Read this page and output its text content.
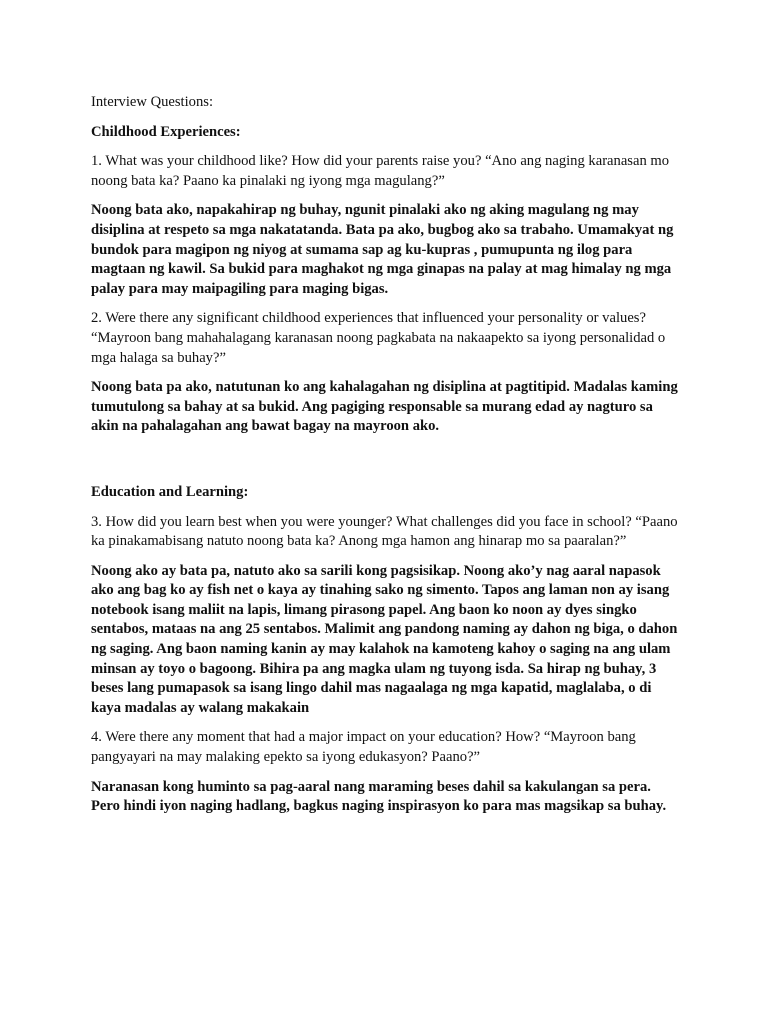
Interview Questions:

Childhood Experiences:

1. What was your childhood like? How did your parents raise you? “Ano ang naging karanasan mo noong bata ka? Paano ka pinalaki ng iyong mga magulang?”

Noong bata ako, napakahirap ng buhay, ngunit pinalaki ako ng aking magulang ng may disiplina at respeto sa mga nakatatanda. Bata pa ako, bugbog ako sa trabaho. Umamakyat ng bundok para magipon ng niyog at sumama sap ag ku-kupras , pumupunta ng ilog para magtaan ng kawil. Sa bukid para maghakot ng mga ginapas na palay at mag himalay ng mga palay para may maipagiling para maging bigas.

2. Were there any significant childhood experiences that influenced your personality or values? “Mayroon bang mahahalagang karanasan noong pagkabata na nakaapekto sa iyong personalidad o mga halaga sa buhay?”

Noong bata pa ako, natutunan ko ang kahalagahan ng disiplina at pagtitipid. Madalas kaming tumutulong sa bahay at sa bukid. Ang pagiging responsable sa murang edad ay nagturo sa akin na pahalagahan ang bawat bagay na mayroon ako.

Education and Learning:

3. How did you learn best when you were younger? What challenges did you face in school? “Paano ka pinakamabisang natuto noong bata ka? Anong mga hamon ang hinarap mo sa paaralan?”

Noong ako ay bata pa, natuto ako sa sarili kong pagsisikap. Noong ako’y nag aaral napasok ako ang bag ko ay fish net o kaya ay tinahing sako ng simento. Tapos ang laman non ay isang notebook isang maliit na lapis, limang pirasong papel. Ang baon ko noon ay dyes singko sentabos, mataas na ang 25 sentabos. Malimit ang pandong naming ay dahon ng biga, o dahon ng saging. Ang baon naming kanin ay may kalahok na kamoteng kahoy o saging na ang ulam minsan ay toyo o bagoong. Bihira pa ang magka ulam ng tuyong isda. Sa hirap ng buhay, 3 beses lang pumapasok sa isang lingo dahil mas nagaalaga ng mga kapatid, maglalaba, o di kaya madalas ay walang makakain

4. Were there any moment that had a major impact on your education? How? “Mayroon bang pangyayari na may malaking epekto sa iyong edukasyon? Paano?”

Naranasan kong huminto sa pag-aaral nang maraming beses dahil sa kakulangan sa pera. Pero hindi iyon naging hadlang, bagkus naging inspirasyon ko para mas magsikap sa buhay.
